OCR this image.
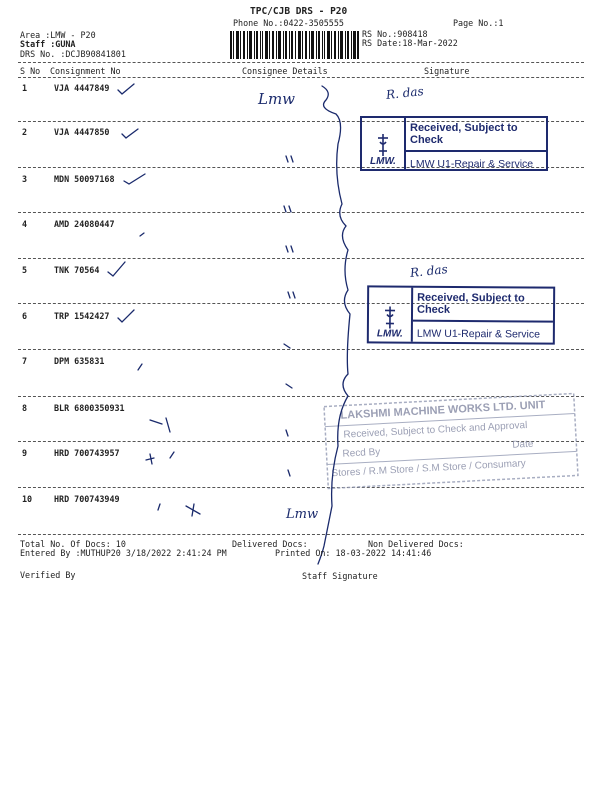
TPC/CJB DRS - P20
Phone No.:0422-3505555	Page No.:1
Area :LMW - P20
Staff :GUNA
DRS No. :DCJB90841801
RS No.:908418
RS Date:18-Mar-2022
S No Consignment No	Consignee Details	Signature
1	VJA 4447849
2	VJA 4447850
3	MDN 50097168
4	AMD 24080447
5	TNK 70564
6	TRP 1542427
7	DPM 635831
8	BLR 6800350931
9	HRD 700743957
10	HRD 700743949
LMW.
Received, Subject to Check
LMW U1-Repair & Service
LMW.
Received, Subject to Check
LMW U1-Repair & Service
LAKSHMI MACHINE WORKS LTD. UNIT
Received, Subject to Check and Approval
Recd By
Date
Stores / R.M Store / S.M Store / Consumary
Lmw	R. das
R. das
Lmw
Total No. Of Docs: 10	Delivered Docs:	Non Delivered Docs:
Entered By :MUTHUP20 3/18/2022 2:41:24 PM	Printed On: 18-03-2022 14:41:46
Verified By	Staff Signature
